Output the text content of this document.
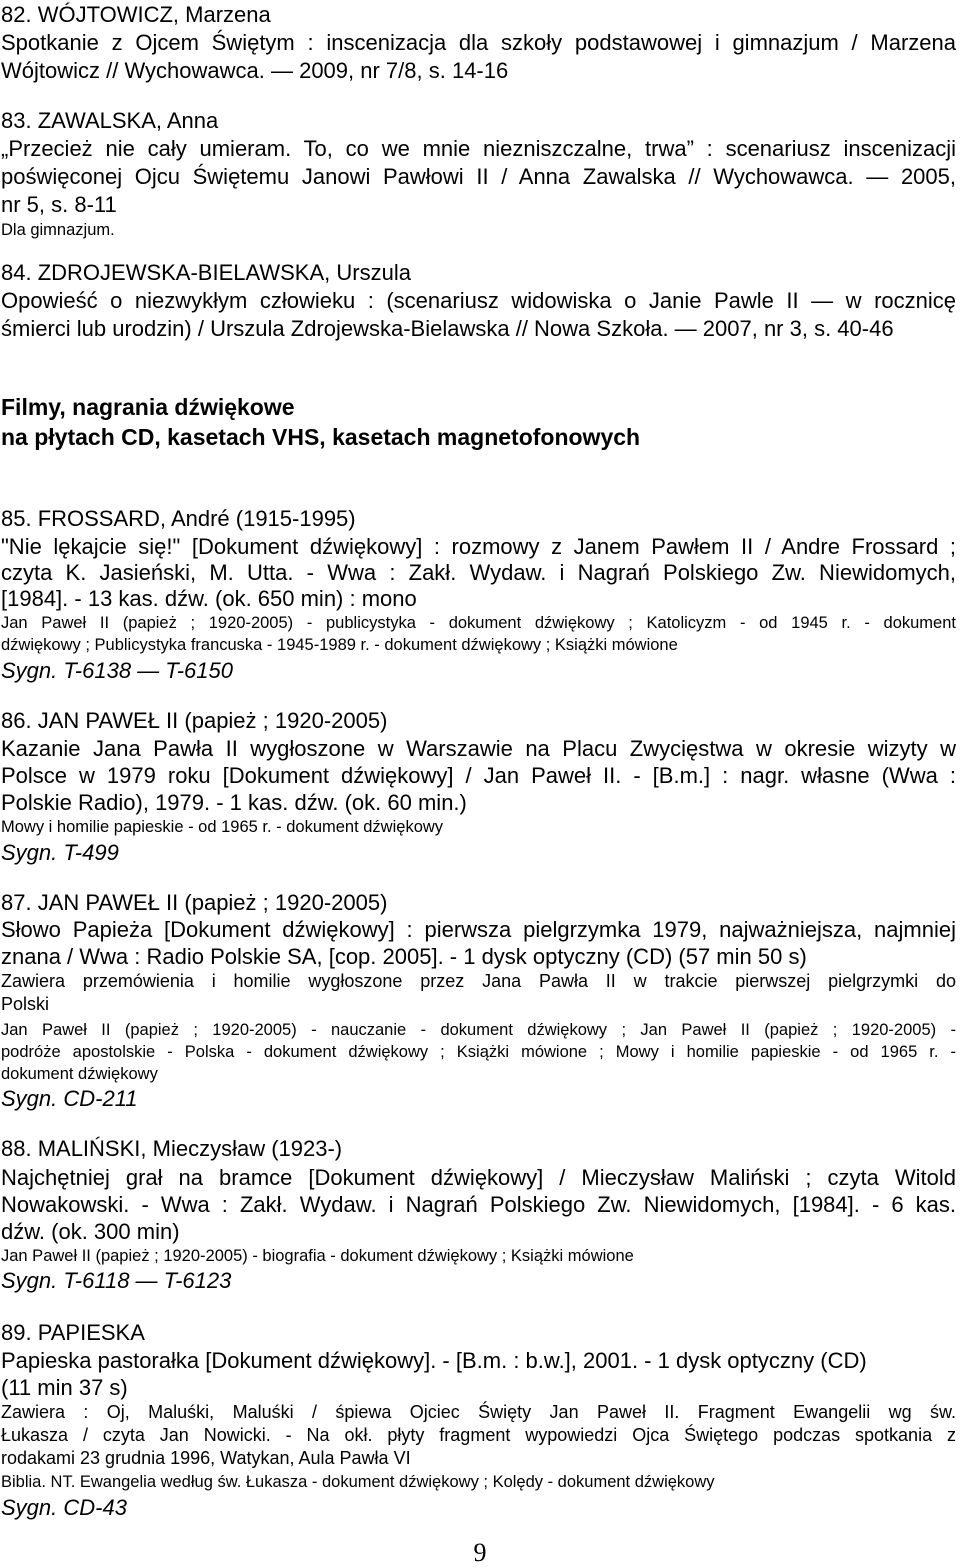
82. WÓJTOWICZ, Marzena
Spotkanie z Ojcem Świętym : inscenizacja dla szkoły podstawowej i gimnazjum / Marzena
Wójtowicz // Wychowawca. — 2009, nr 7/8, s. 14-16
83. ZAWALSKA, Anna
„Przecież nie cały umieram. To, co we mnie niezniszczalne, trwa” : scenariusz inscenizacji
poświęconej Ojcu Świętemu Janowi Pawłowi II / Anna Zawalska // Wychowawca. — 2005,
nr 5, s. 8-11
Dla gimnazjum.
84. ZDROJEWSKA-BIELAWSKA, Urszula
Opowieść o niezwykłym człowieku : (scenariusz widowiska o Janie Pawle II — w rocznicę
śmierci lub urodzin) / Urszula Zdrojewska-Bielawska // Nowa Szkoła. — 2007, nr 3, s. 40-46
Filmy, nagrania dźwiękowe
na płytach CD, kasetach VHS, kasetach magnetofonowych
85. FROSSARD, André (1915-1995)
"Nie lękajcie się!" [Dokument dźwiękowy] : rozmowy z Janem Pawłem II / Andre Frossard ;
czyta K. Jasieński, M. Utta. - Wwa : Zakł. Wydaw. i Nagrań Polskiego Zw. Niewidomych,
[1984]. - 13 kas. dźw. (ok. 650 min) : mono
Jan Paweł II (papież ; 1920-2005) - publicystyka - dokument dźwiękowy ; Katolicyzm - od 1945 r. - dokument
dźwiękowy ; Publicystyka francuska - 1945-1989 r. - dokument dźwiękowy ; Książki mówione
Sygn. T-6138 — T-6150
86. JAN PAWEŁ II (papież ; 1920-2005)
Kazanie Jana Pawła II wygłoszone w Warszawie na Placu Zwycięstwa w okresie wizyty w
Polsce w 1979 roku [Dokument dźwiękowy] / Jan Paweł II. - [B.m.] : nagr. własne (Wwa :
Polskie Radio), 1979. - 1 kas. dźw. (ok. 60 min.)
Mowy i homilie papieskie - od 1965 r. - dokument dźwiękowy
Sygn. T-499
87. JAN PAWEŁ II (papież ; 1920-2005)
Słowo Papieża [Dokument dźwiękowy] : pierwsza pielgrzymka 1979, najważniejsza, najmniej
znana / Wwa : Radio Polskie SA, [cop. 2005]. - 1 dysk optyczny (CD) (57 min 50 s)
Zawiera przemówienia i homilie wygłoszone przez Jana Pawła II w trakcie pierwszej pielgrzymki do
Polski
Jan Paweł II (papież ; 1920-2005) - nauczanie - dokument dźwiękowy ; Jan Paweł II (papież ; 1920-2005) -
podróże apostolskie - Polska - dokument dźwiękowy ; Książki mówione ; Mowy i homilie papieskie - od 1965 r. -
dokument dźwiękowy
Sygn. CD-211
88. MALIŃSKI, Mieczysław (1923-)
Najchętniej grał na bramce [Dokument dźwiękowy] / Mieczysław Maliński ; czyta Witold
Nowakowski. - Wwa : Zakł. Wydaw. i Nagrań Polskiego Zw. Niewidomych, [1984]. - 6 kas.
dźw. (ok. 300 min)
Jan Paweł II (papież ; 1920-2005) - biografia - dokument dźwiękowy ; Książki mówione
Sygn. T-6118 — T-6123
89. PAPIESKA
Papieska pastorałka [Dokument dźwiękowy]. - [B.m. : b.w.], 2001. - 1 dysk optyczny (CD)
(11 min 37 s)
Zawiera : Oj, Maluśki, Maluśki / śpiewa Ojciec Święty Jan Paweł II. Fragment Ewangelii wg św.
Łukasza / czyta Jan Nowicki. - Na okł. płyty fragment wypowiedzi Ojca Świętego podczas spotkania z
rodakami 23 grudnia 1996, Watykan, Aula Pawła VI
Biblia. NT. Ewangelia według św. Łukasza - dokument dźwiękowy ; Kolędy - dokument dźwiękowy
Sygn. CD-43
9
